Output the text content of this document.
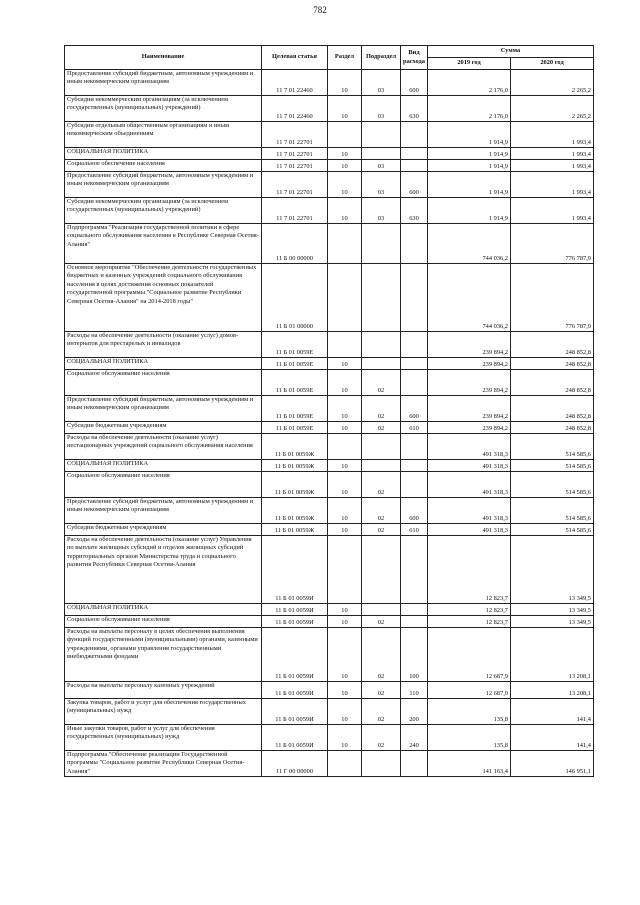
782
Наименование	Целевая статья	Раздел	Подраздел	Вид расхода	Сумма	
					2019 год	2020 год
Предоставление субсидий бюджетным, автономным учреждениям и иным некоммерческим организациям	11 7 01 22460	10	03	600	2 176,0	2 265,2
Субсидии некоммерческим организациям (за исключением государственных (муниципальных) учреждений)	11 7 01 22460	10	03	630	2 176,0	2 265,2
Субсидии отдельным общественным организациям и иным некоммерческим объединениям	11 7 01 22701				1 914,9	1 993,4
СОЦИАЛЬНАЯ ПОЛИТИКА	11 7 01 22701	10			1 914,9	1 993,4
Социальное обеспечение населения	11 7 01 22701	10	03		1 914,9	1 993,4
Предоставление субсидий бюджетным, автономным учреждениям и иным некоммерческим организациям	11 7 01 22701	10	03	600	1 914,9	1 993,4
Субсидии некоммерческим организациям (за исключением государственных (муниципальных) учреждений)	11 7 01 22701	10	03	630	1 914,9	1 993,4
Подпрограмма "Реализация государственной политики в сфере социального обслуживания населения в Республике Северная Осетия-Алания"	11 Б 00 00000				744 036,2	776 787,9
Основное мероприятие "Обеспечение деятельности государственных бюджетных и казенных учреждений социального обслуживания населения в целях достижения основных показателей государственной программы "Социальное развитие Республики Северная Осетия-Алания" на 2014-2018 годы"	11 Б 01 00000				744 036,2	776 787,9
Расходы на обеспечение деятельности (оказание услуг) домов-интернатов для престарелых и инвалидов	11 Б 01 0059Е				239 894,2	248 852,8
СОЦИАЛЬНАЯ ПОЛИТИКА	11 Б 01 0059Е	10			239 894,2	248 852,8
Социальное обслуживание населения	11 Б 01 0059Е	10	02		239 894,2	248 852,8
Предоставление субсидий бюджетным, автономным учреждениям и иным некоммерческим организациям	11 Б 01 0059Е	10	02	600	239 894,2	248 852,8
Субсидии бюджетным учреждениям	11 Б 01 0059Е	10	02	610	239 894,2	248 852,8
Расходы на обеспечение деятельности (оказание услуг) нестационарных учреждений социального обслуживания населения	11 Б 01 0059Ж				491 318,3	514 585,6
СОЦИАЛЬНАЯ ПОЛИТИКА	11 Б 01 0059Ж	10			491 318,3	514 585,6
Социальное обслуживание населения	11 Б 01 0059Ж	10	02		491 318,3	514 585,6
Предоставление субсидий бюджетным, автономным учреждениям и иным некоммерческим организациям	11 Б 01 0059Ж	10	02	600	491 318,3	514 585,6
Субсидии бюджетным учреждениям	11 Б 01 0059Ж	10	02	610	491 318,3	514 585,6
Расходы на обеспечение деятельности (оказание услуг) Управления по выплате жилищных субсидий и отделов жилищных субсидий территориальных органов Министерства труда и социального развития Республики Северная Осетия-Алания	11 Б 01 0059И				12 823,7	13 349,5
СОЦИАЛЬНАЯ ПОЛИТИКА	11 Б 01 0059И	10			12 823,7	13 349,5
Социальное обслуживание населения	11 Б 01 0059И	10	02		12 823,7	13 349,5
Расходы на выплаты персоналу в целях обеспечения выполнения функций государственными (муниципальными) органами, казенными учреждениями, органами управления государственными внебюджетными фондами	11 Б 01 0059И	10	02	100	12 687,9	13 208,1
Расходы на выплаты персоналу казенных учреждений	11 Б 01 0059И	10	02	110	12 687,9	13 208,1
Закупка товаров, работ и услуг для обеспечения государственных (муниципальных) нужд	11 Б 01 0059И	10	02	200	135,8	141,4
Иные закупки товаров, работ и услуг для обеспечения государственных (муниципальных) нужд	11 Б 01 0059И	10	02	240	135,8	141,4
Подпрограмма "Обеспечение реализации Государственной программы "Социальное развитие Республики Северная Осетия-Алания"	11 Г 00 00000				141 163,4	146 951,1
